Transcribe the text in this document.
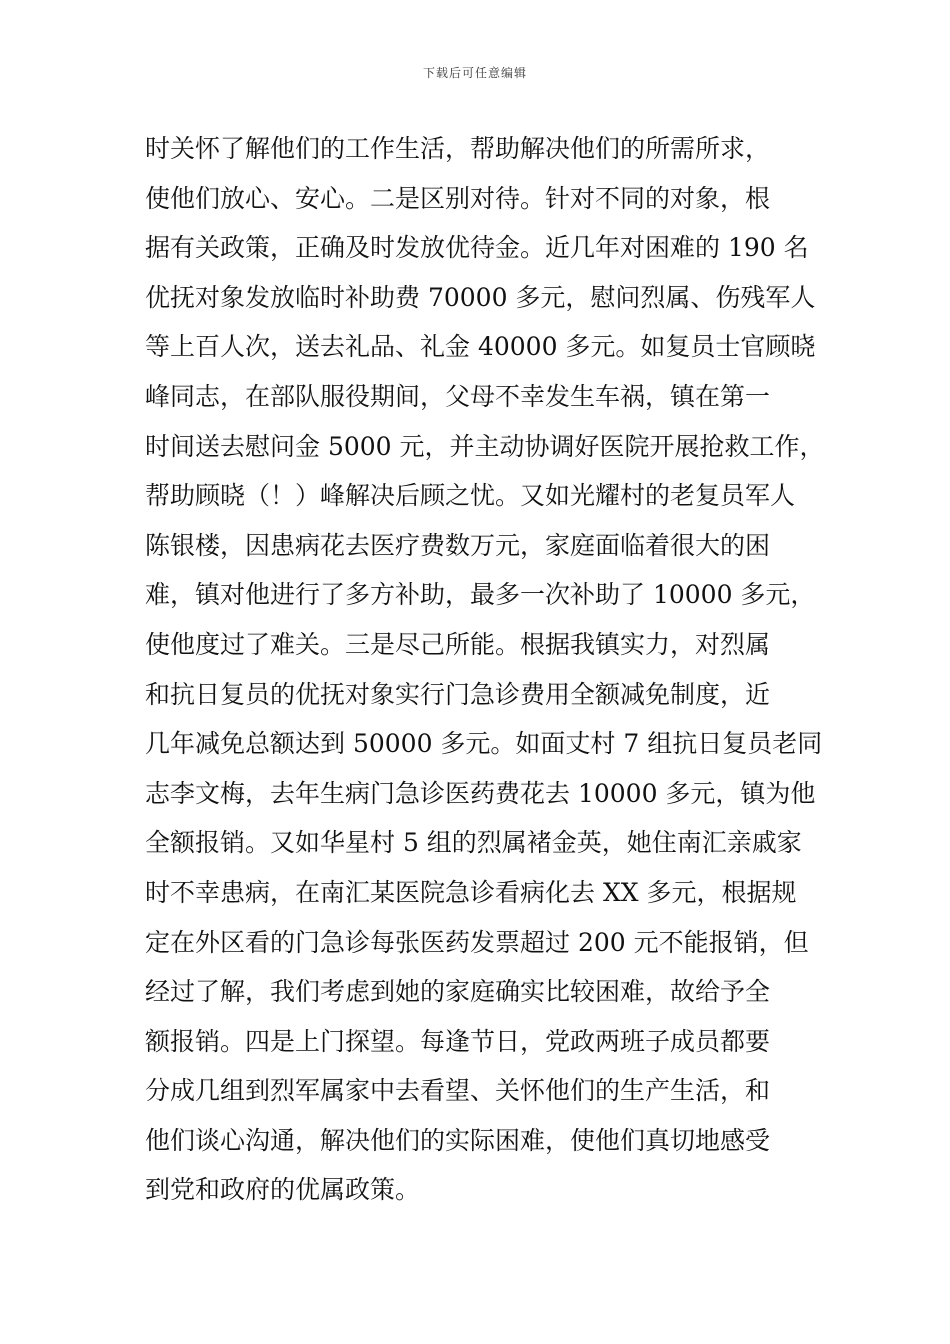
下载后可任意编辑
时关怀了解他们的工作生活，帮助解决他们的所需所求，
使他们放心、安心。二是区别对待。针对不同的对象，根
据有关政策，正确及时发放优待金。近几年对困难的 190 名
优抚对象发放临时补助费 70000 多元，慰问烈属、伤残军人
等上百人次，送去礼品、礼金 40000 多元。如复员士官顾晓
峰同志，在部队服役期间，父母不幸发生车祸，镇在第一
时间送去慰问金 5000 元，并主动协调好医院开展抢救工作，
帮助顾晓（！）峰解决后顾之忧。又如光耀村的老复员军人
陈银楼，因患病花去医疗费数万元，家庭面临着很大的困
难，镇对他进行了多方补助，最多一次补助了 10000 多元，
使他度过了难关。三是尽己所能。根据我镇实力，对烈属
和抗日复员的优抚对象实行门急诊费用全额减免制度，近
几年减免总额达到 50000 多元。如面丈村 7 组抗日复员老同
志李文梅，去年生病门急诊医药费花去 10000 多元，镇为他
全额报销。又如华星村 5 组的烈属褚金英，她住南汇亲戚家
时不幸患病，在南汇某医院急诊看病化去 XX 多元，根据规
定在外区看的门急诊每张医药发票超过 200 元不能报销，但
经过了解，我们考虑到她的家庭确实比较困难，故给予全
额报销。四是上门探望。每逢节日，党政两班子成员都要
分成几组到烈军属家中去看望、关怀他们的生产生活，和
他们谈心沟通，解决他们的实际困难，使他们真切地感受
到党和政府的优属政策。
